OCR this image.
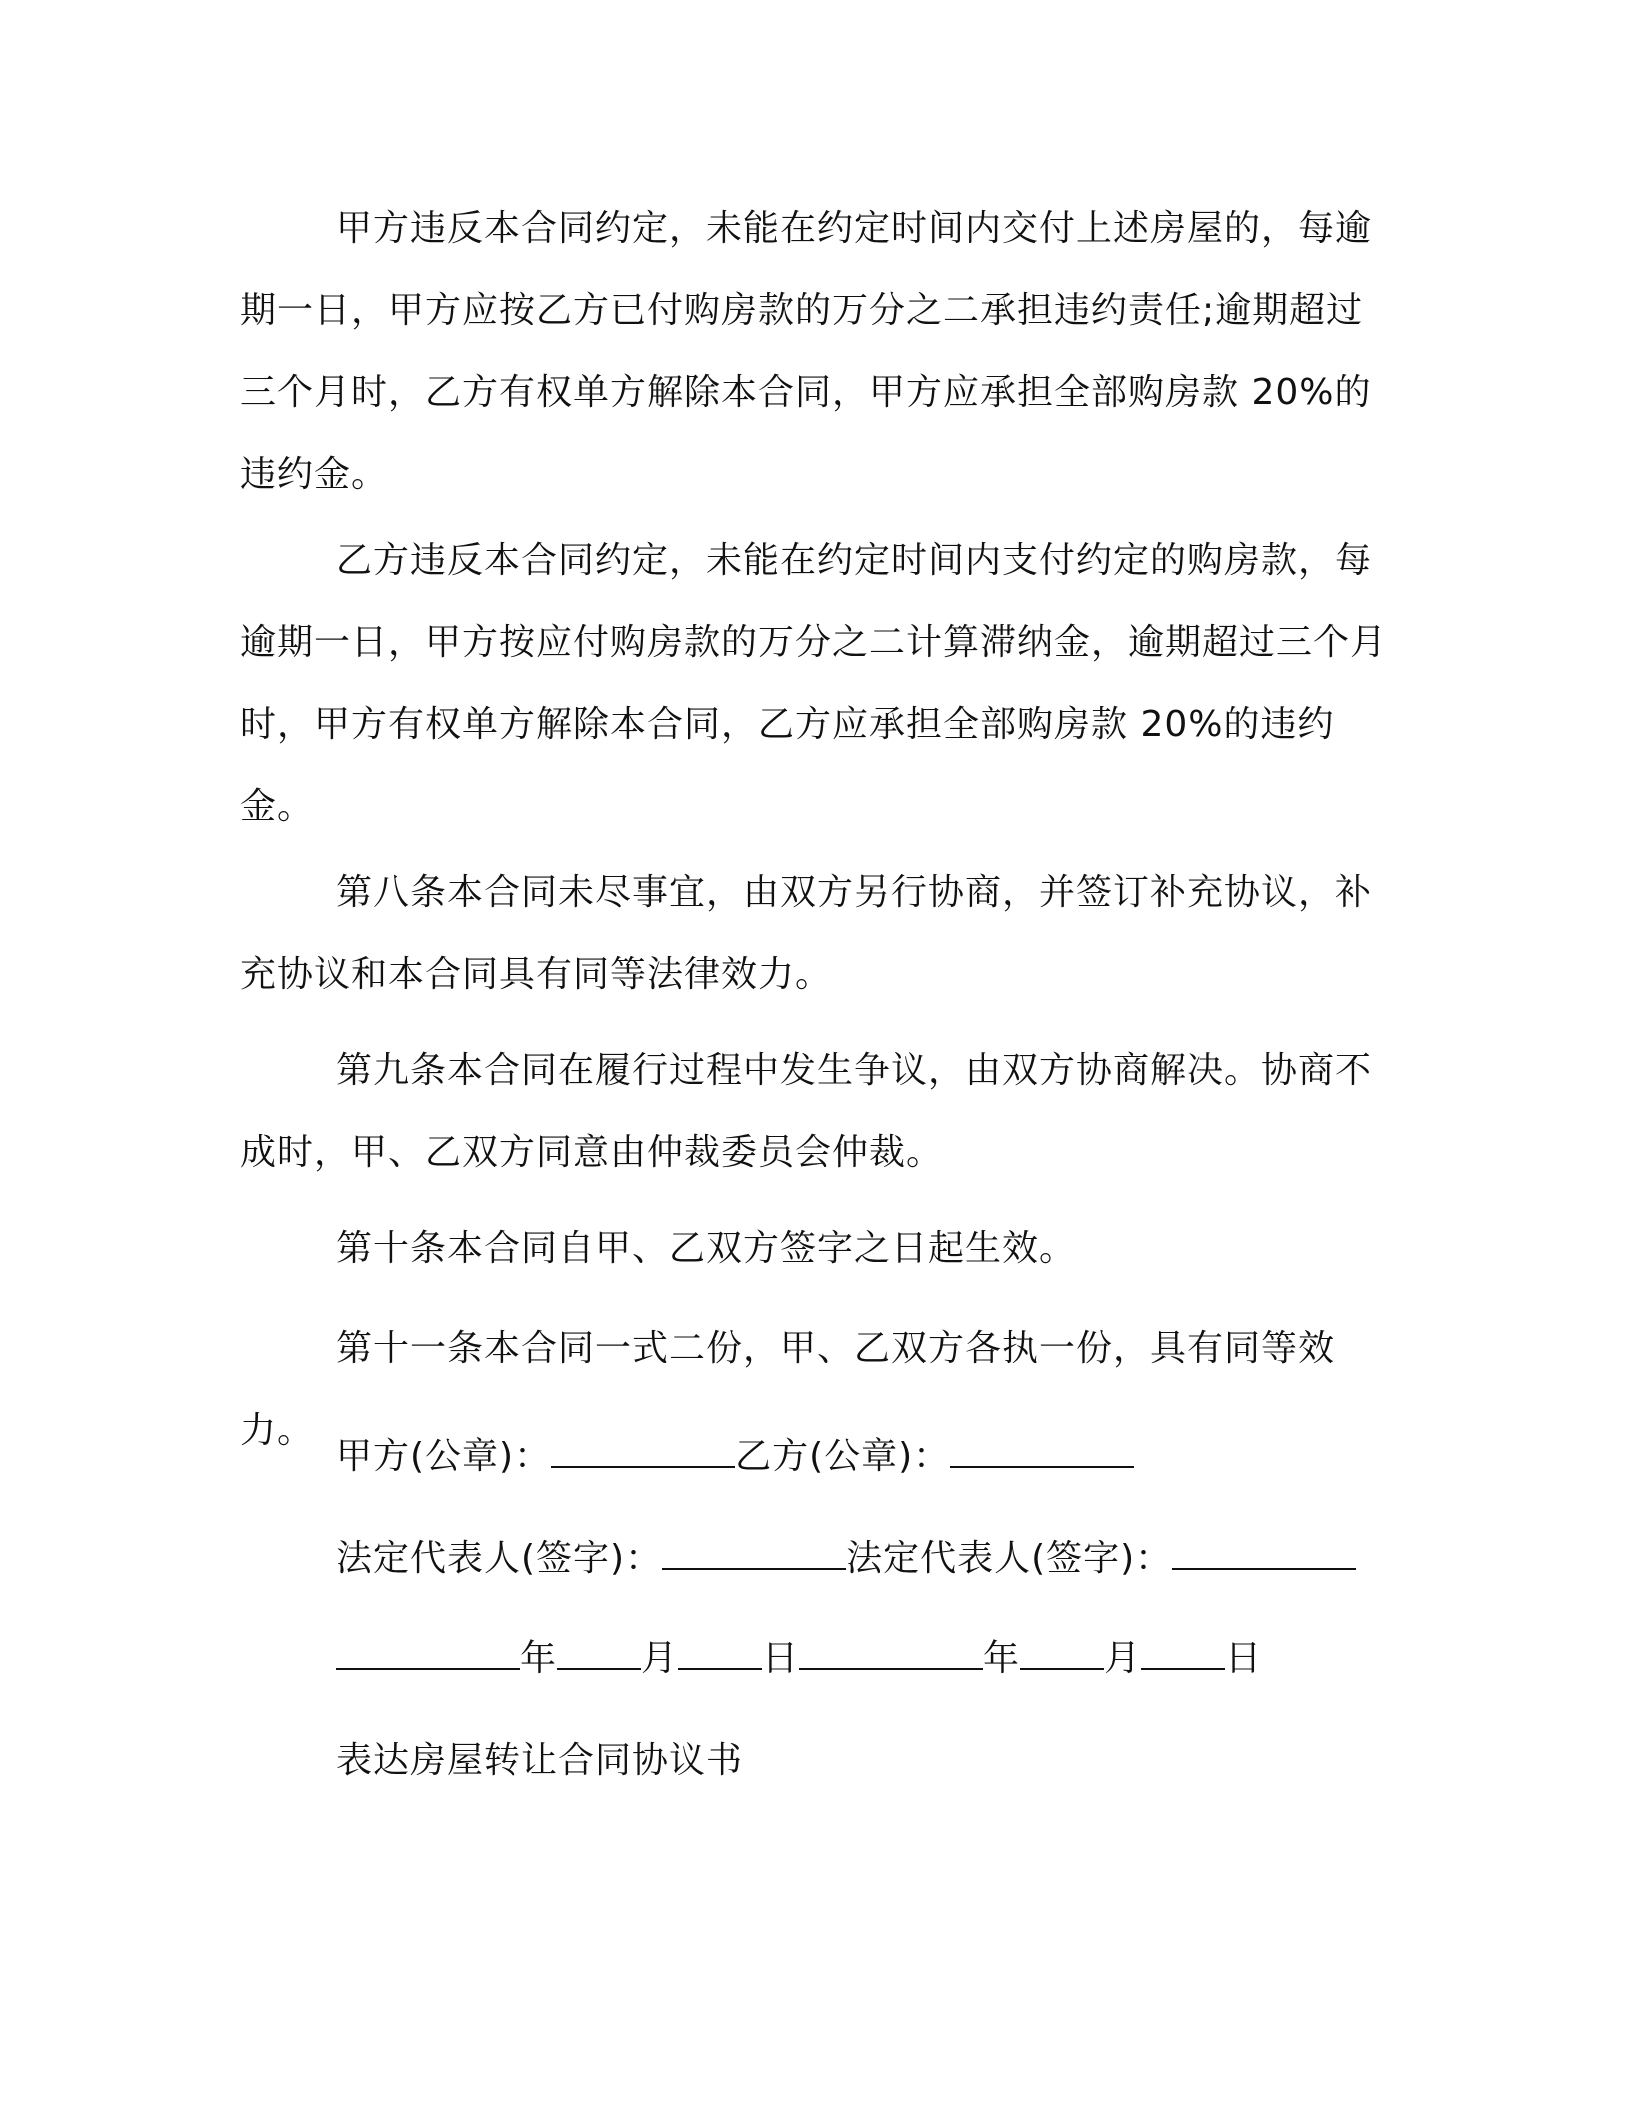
甲方违反本合同约定，未能在约定时间内交付上述房屋的，每逾期一日，甲方应按乙方已付购房款的万分之二承担违约责任;逾期超过三个月时，乙方有权单方解除本合同，甲方应承担全部购房款 20%的违约金。

乙方违反本合同约定，未能在约定时间内支付约定的购房款，每逾期一日，甲方按应付购房款的万分之二计算滞纳金，逾期超过三个月时，甲方有权单方解除本合同，乙方应承担全部购房款 20%的违约金。

第八条本合同未尽事宜，由双方另行协商，并签订补充协议，补充协议和本合同具有同等法律效力。

第九条本合同在履行过程中发生争议，由双方协商解决。协商不成时，甲、乙双方同意由仲裁委员会仲裁。

第十条本合同自甲、乙双方签字之日起生效。

第十一条本合同一式二份，甲、乙双方各执一份，具有同等效力。

甲方(公章)：	乙方(公章)：
法定代表人(签字)：	法定代表人(签字)：
年 月 日	年 月 日
表达房屋转让合同协议书
